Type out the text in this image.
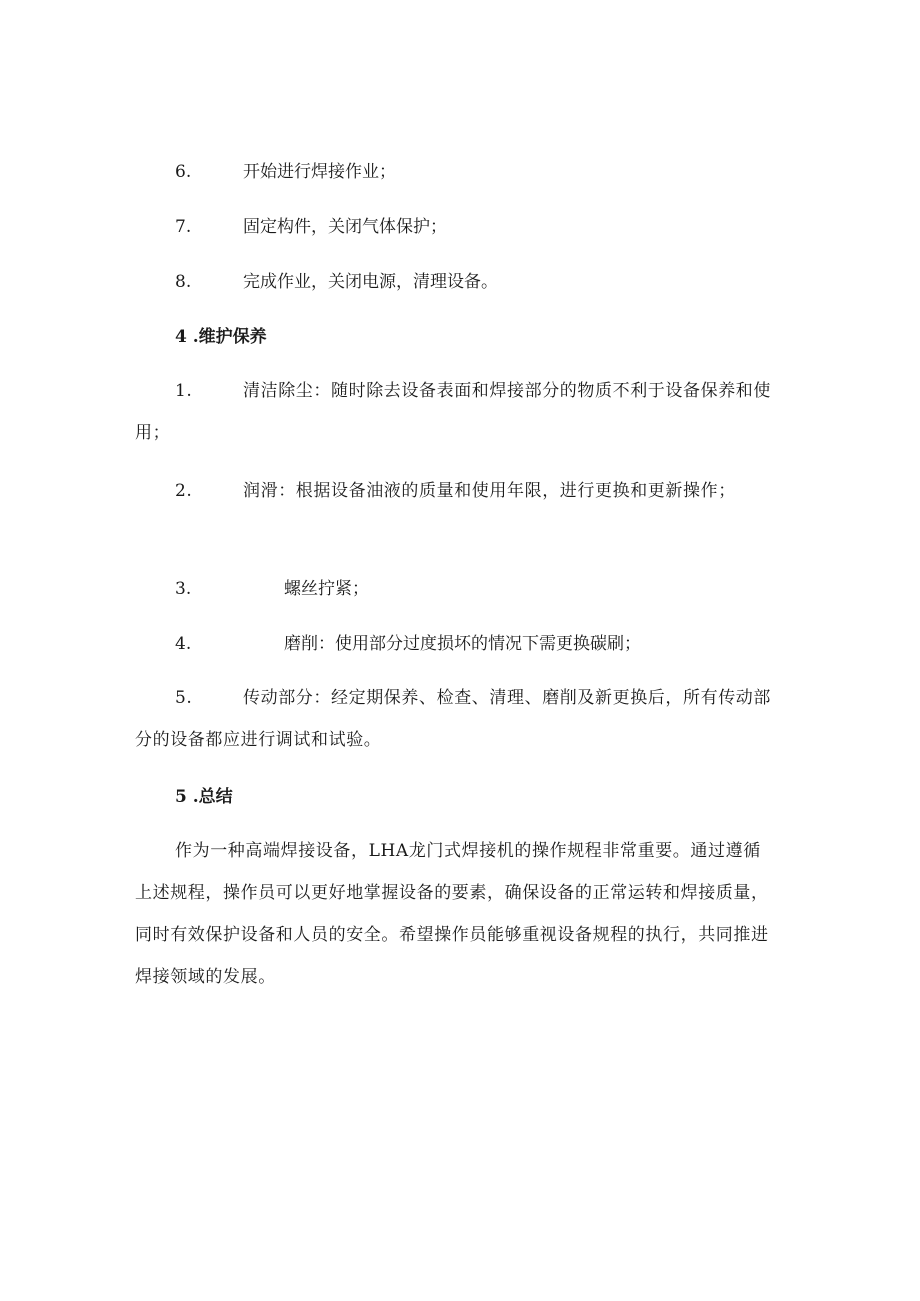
6.	开始进行焊接作业；
7.	固定构件，关闭气体保护；
8.	完成作业，关闭电源，清理设备。
4 .维护保养
1.	清洁除尘：随时除去设备表面和焊接部分的物质不利于设备保养和使用；
2.	润滑：根据设备油液的质量和使用年限，进行更换和更新操作；
3.	螺丝拧紧；
4.	磨削：使用部分过度损坏的情况下需更换碳刷；
5.	传动部分：经定期保养、检查、清理、磨削及新更换后，所有传动部分的设备都应进行调试和试验。
5 .总结
作为一种高端焊接设备，LHA龙门式焊接机的操作规程非常重要。通过遵循上述规程，操作员可以更好地掌握设备的要素，确保设备的正常运转和焊接质量，同时有效保护设备和人员的安全。希望操作员能够重视设备规程的执行，共同推进焊接领域的发展。
